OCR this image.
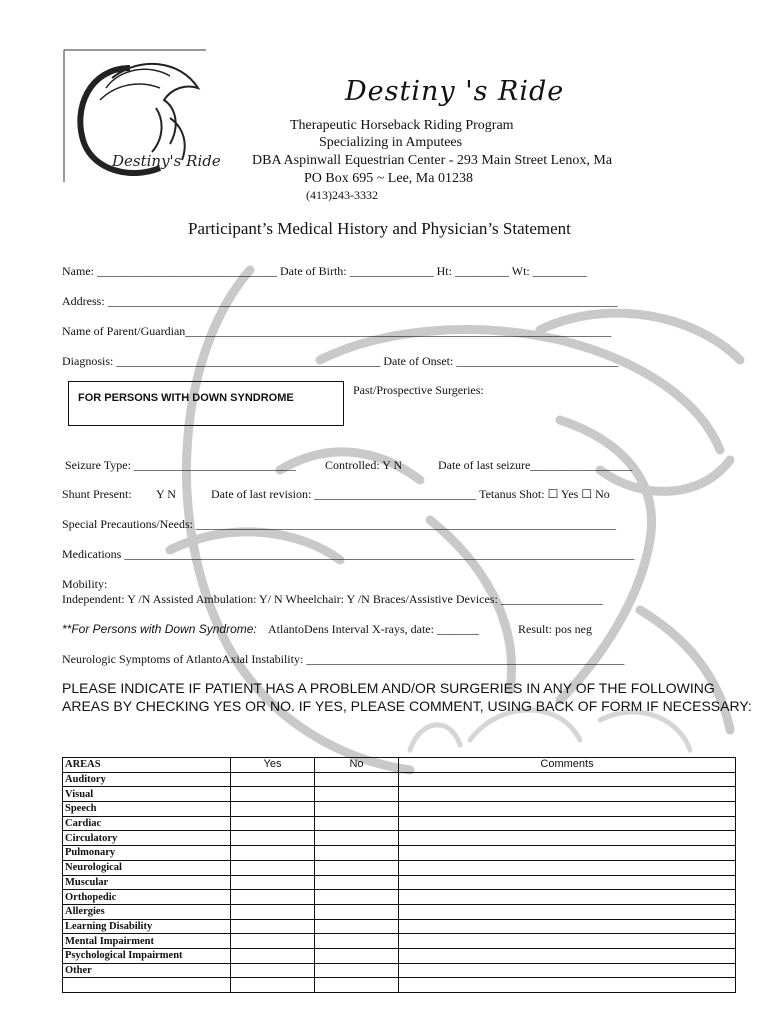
Destiny's Ride
Destiny 's Ride
Therapeutic Horseback Riding Program
Specializing in Amputees
DBA Aspinwall Equestrian Center - 293 Main Street Lenox, Ma
PO Box 695 ~ Lee, Ma 01238
(413)243-3332
Participant’s Medical History and Physician’s Statement
Name: ______________________________ Date of Birth: ______________ Ht: _________ Wt: _________
Address: _____________________________________________________________________________________
Name of Parent/Guardian_______________________________________________________________________
Diagnosis: ____________________________________________ Date of Onset: ___________________________
FOR PERSONS WITH DOWN SYNDROME
Past/Prospective Surgeries:
Seizure Type: ___________________________ Controlled: Y N	Date of last seizure_________________
Shunt Present: Y N	Date of last revision: ___________________________ Tetanus Shot: ☐ Yes ☐ No
Special Precautions/Needs: ______________________________________________________________________
Medications _____________________________________________________________________________________
Mobility:
Independent: Y /N Assisted Ambulation: Y/ N Wheelchair: Y /N Braces/Assistive Devices: _________________
**For Persons with Down Syndrome: AtlantoDens Interval X-rays, date: _______	Result: pos neg
Neurologic Symptoms of AtlantoAxial Instability: _____________________________________________________
PLEASE INDICATE IF PATIENT HAS A PROBLEM AND/OR SURGERIES IN ANY OF THE FOLLOWING AREAS BY CHECKING YES OR NO. IF YES, PLEASE COMMENT, USING BACK OF FORM IF NECESSARY:
AREAS	Yes	No	Comments
Auditory			
Visual			
Speech			
Cardiac			
Circulatory			
Pulmonary			
Neurological			
Muscular			
Orthopedic			
Allergies			
Learning Disability			
Mental Impairment			
Psychological Impairment			
Other			
